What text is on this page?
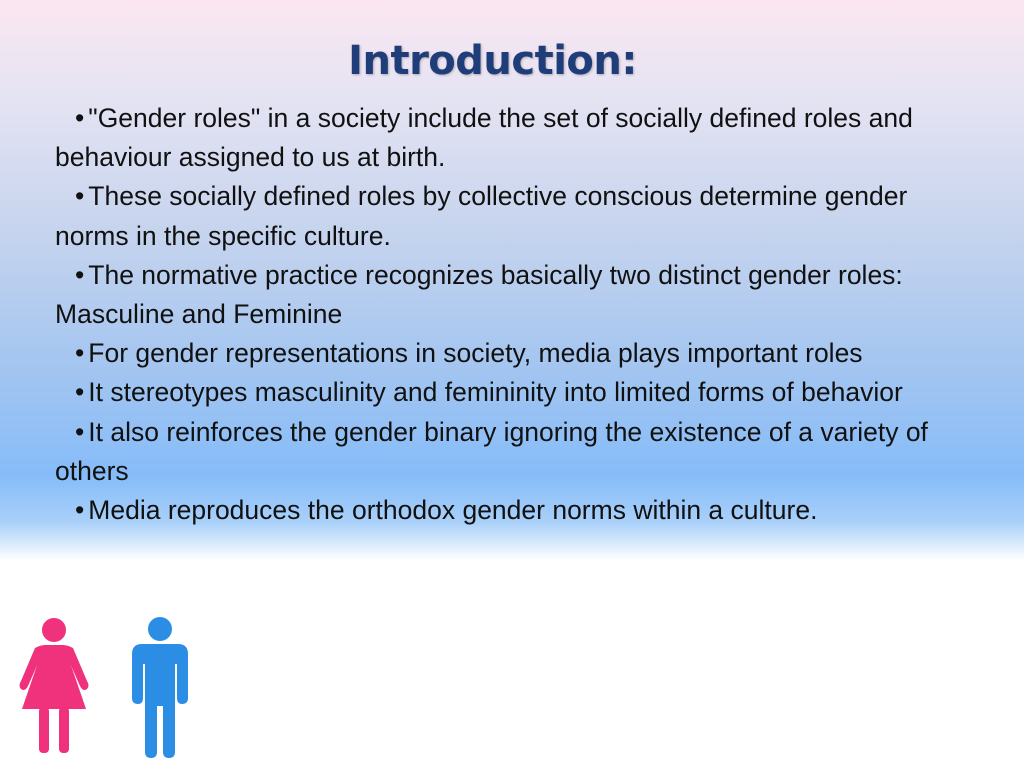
Introduction:
• "Gender roles" in a society include the set of socially defined roles and behaviour assigned to us at birth.
• These socially defined roles by collective conscious determine gender norms in the specific culture.
• The normative practice recognizes basically two distinct gender roles: Masculine and Feminine
• For gender representations in society, media plays important roles
• It stereotypes masculinity and femininity into limited forms of behavior
• It also reinforces the gender binary ignoring the existence of a variety of others
• Media reproduces the orthodox gender norms within a culture.
